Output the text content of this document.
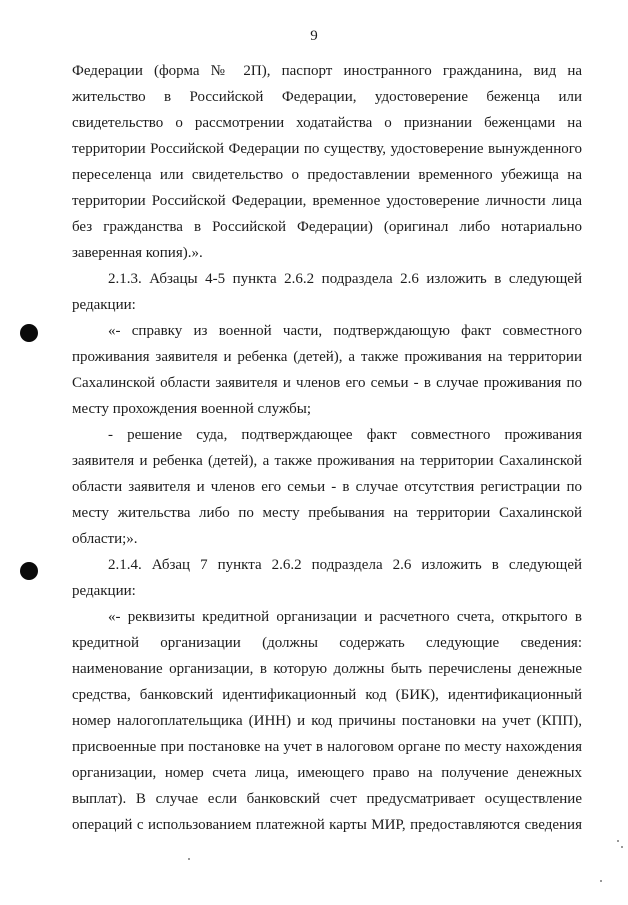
9

Федерации (форма № 2П), паспорт иностранного гражданина, вид на жительство в Российской Федерации, удостоверение беженца или свидетельство о рассмотрении ходатайства о признании беженцами на территории Российской Федерации по существу, удостоверение вынужденного переселенца или свидетельство о предоставлении временного убежища на территории Российской Федерации, временное удостоверение личности лица без гражданства в Российской Федерации) (оригинал либо нотариально заверенная копия).».

2.1.3. Абзацы 4-5 пункта 2.6.2 подраздела 2.6 изложить в следующей редакции:

«- справку из военной части, подтверждающую факт совместного проживания заявителя и ребенка (детей), а также проживания на территории Сахалинской области заявителя и членов его семьи - в случае проживания по месту прохождения военной службы;

- решение суда, подтверждающее факт совместного проживания заявителя и ребенка (детей), а также проживания на территории Сахалинской области заявителя и членов его семьи - в случае отсутствия регистрации по месту жительства либо по месту пребывания на территории Сахалинской области;».

2.1.4. Абзац 7 пункта 2.6.2 подраздела 2.6 изложить в следующей редакции:

«- реквизиты кредитной организации и расчетного счета, открытого в кредитной организации (должны содержать следующие сведения: наименование организации, в которую должны быть перечислены денежные средства, банковский идентификационный код (БИК), идентификационный номер налогоплательщика (ИНН) и код причины постановки на учет (КПП), присвоенные при постановке на учет в налоговом органе по месту нахождения организации, номер счета лица, имеющего право на получение денежных выплат). В случае если банковский счет предусматривает осуществление операций с использованием платежной карты МИР, предоставляются сведения
